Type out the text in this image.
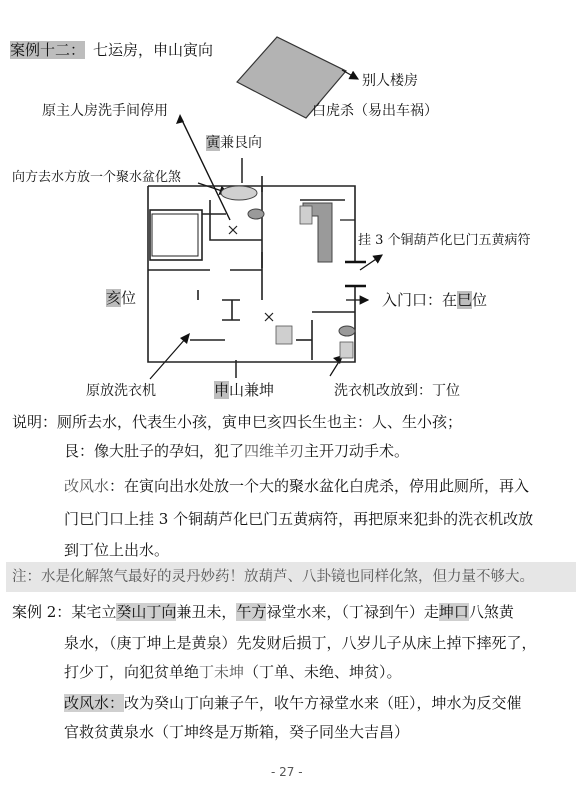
案例十二： 七运房，申山寅向
别人楼房
白虎杀（易出车祸）
原主人房洗手间停用
寅兼艮向
向方去水方放一个聚水盆化煞
挂 3 个铜葫芦化巳门五黄病符
亥位	入门口：在巳位
原放洗衣机	申山兼坤	洗衣机改放到：丁位
说明：厕所去水，代表生小孩，寅申巳亥四长生也主：人、生小孩；
艮：像大肚子的孕妇，犯了四维羊刃主开刀动手术。
改风水：在寅向出水处放一个大的聚水盆化白虎杀，停用此厕所，再入
门巳门口上挂 3 个铜葫芦化巳门五黄病符，再把原来犯卦的洗衣机改放
到丁位上出水。
注：水是化解煞气最好的灵丹妙药！放葫芦、八卦镜也同样化煞，但力量不够大。
案例 2：某宅立癸山丁向兼丑未，午方禄堂水来，（丁禄到午）走坤口八煞黄
泉水，（庚丁坤上是黄泉）先发财后损丁，八岁儿子从床上掉下摔死了，
打少丁，向犯贫单绝丁未坤（丁单、未绝、坤贫）。
改风水：改为癸山丁向兼子午，收午方禄堂水来（旺），坤水为反交催
官救贫黄泉水（丁坤终是万斯箱，癸子同坐大吉昌）
- 27 -
